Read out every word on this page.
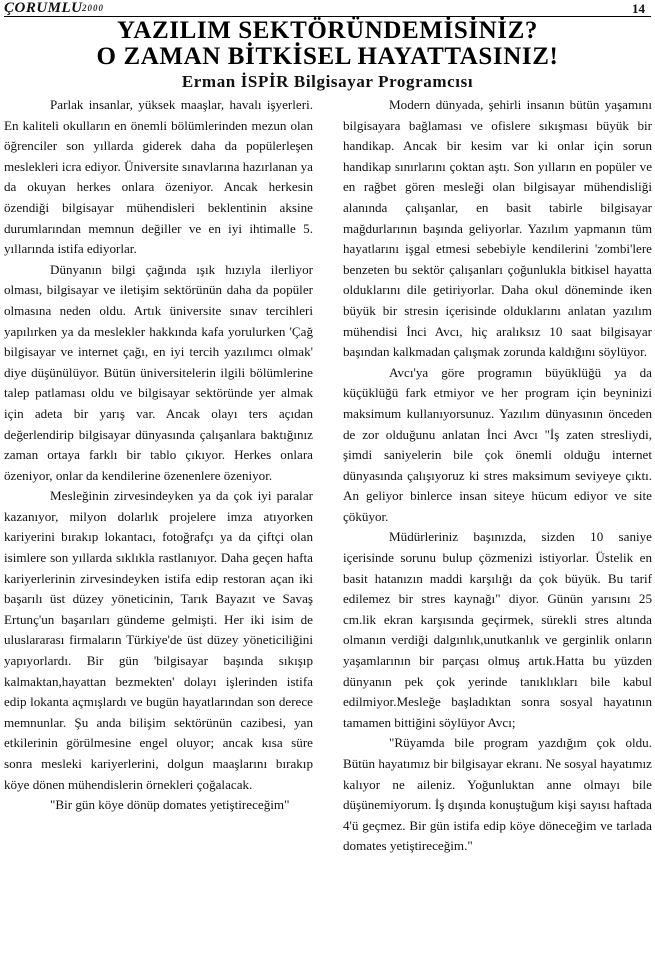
ÇORUMLU 2000	14
YAZILIM SEKTÖRÜNDEMİSİNİZ?
O ZAMAN BİTKİSEL HAYATTASINIZ!
Erman İSPİR Bilgisayar Programcısı

Parlak insanlar, yüksek maaşlar, havalı işyerleri. En kaliteli okulların en önemli bölümlerinden mezun olan öğrenciler son yıllarda giderek daha da popülerleşen meslekleri icra ediyor. Üniversite sınavlarına hazırlanan ya da okuyan herkes onlara özeniyor. Ancak herkesin özendiği bilgisayar mühendisleri beklentinin aksine durumlarından memnun değiller ve en iyi ihtimalle 5. yıllarında istifa ediyorlar.

Dünyanın bilgi çağında ışık hızıyla ilerliyor olması, bilgisayar ve iletişim sektörünün daha da popüler olmasına neden oldu. Artık üniversite sınav tercihleri yapılırken ya da meslekler hakkında kafa yorulurken 'Çağ bilgisayar ve internet çağı, en iyi tercih yazılımcı olmak' diye düşünülüyor. Bütün üniversitelerin ilgili bölümlerine talep patlaması oldu ve bilgisayar sektöründe yer almak için adeta bir yarış var. Ancak olayı ters açıdan değerlendirip bilgisayar dünyasında çalışanlara baktığınız zaman ortaya farklı bir tablo çıkıyor. Herkes onlara özeniyor, onlar da kendilerine özenenlere özeniyor.

Mesleğinin zirvesindeyken ya da çok iyi paralar kazanıyor, milyon dolarlık projelere imza atıyorken kariyerini bırakıp lokantacı, fotoğrafçı ya da çiftçi olan isimlere son yıllarda sıklıkla rastlanıyor. Daha geçen hafta kariyerlerinin zirvesindeyken istifa edip restoran açan iki başarılı üst düzey yöneticinin, Tarık Bayazıt ve Savaş Ertunç'un başarıları gündeme gelmişti. Her iki isim de uluslararası firmaların Türkiye'de üst düzey yöneticiliğini yapıyorlardı. Bir gün 'bilgisayar başında sıkışıp kalmaktan,hayattan bezmekten' dolayı işlerinden istifa edip lokanta açmışlardı ve bugün hayatlarından son derece memnunlar. Şu anda bilişim sektörünün cazibesi, yan etkilerinin görülmesine engel oluyor; ancak kısa süre sonra mesleki kariyerlerini, dolgun maaşlarını bırakıp köye dönen mühendislerin örnekleri çoğalacak.

"Bir gün köye dönüp domates yetiştireceğim"

Modern dünyada, şehirli insanın bütün yaşamını bilgisayara bağlaması ve ofislere sıkışması büyük bir handikap. Ancak bir kesim var ki onlar için sorun handikap sınırlarını çoktan aştı. Son yılların en popüler ve en rağbet gören mesleği olan bilgisayar mühendisliği alanında çalışanlar, en basit tabirle bilgisayar mağdurlarının başında geliyorlar. Yazılım yapmanın tüm hayatlarını işgal etmesi sebebiyle kendilerini 'zombi'lere benzeten bu sektör çalışanları çoğunlukla bitkisel hayatta olduklarını dile getiriyorlar. Daha okul döneminde iken büyük bir stresin içerisinde olduklarını anlatan yazılım mühendisi İnci Avcı, hiç aralıksız 10 saat bilgisayar başından kalkmadan çalışmak zorunda kaldığını söylüyor.

Avcı'ya göre programın büyüklüğü ya da küçüklüğü fark etmiyor ve her program için beyninizi maksimum kullanıyorsunuz. Yazılım dünyasının önceden de zor olduğunu anlatan İnci Avcı "İş zaten stresliydi, şimdi saniyelerin bile çok önemli olduğu internet dünyasında çalışıyoruz ki stres maksimum seviyeye çıktı. An geliyor binlerce insan siteye hücum ediyor ve site çöküyor.

Müdürleriniz başınızda, sizden 10 saniye içerisinde sorunu bulup çözmenizi istiyorlar. Üstelik en basit hatanızın maddi karşılığı da çok büyük. Bu tarif edilemez bir stres kaynağı" diyor. Günün yarısını 25 cm.lik ekran karşısında geçirmek, sürekli stres altında olmanın verdiği dalgınlık,unutkanlık ve gerginlik onların yaşamlarının bir parçası olmuş artık.Hatta bu yüzden dünyanın pek çok yerinde tanıklıkları bile kabul edilmiyor.Mesleğe başladıktan sonra sosyal hayatının tamamen bittiğini söylüyor Avcı;

"Rüyamda bile program yazdığım çok oldu. Bütün hayatımız bir bilgisayar ekranı. Ne sosyal hayatımız kalıyor ne aileniz. Yoğunluktan anne olmayı bile düşünemiyorum. İş dışında konuştuğum kişi sayısı haftada 4'ü geçmez. Bir gün istifa edip köye döneceğim ve tarlada domates yetiştireceğim."
